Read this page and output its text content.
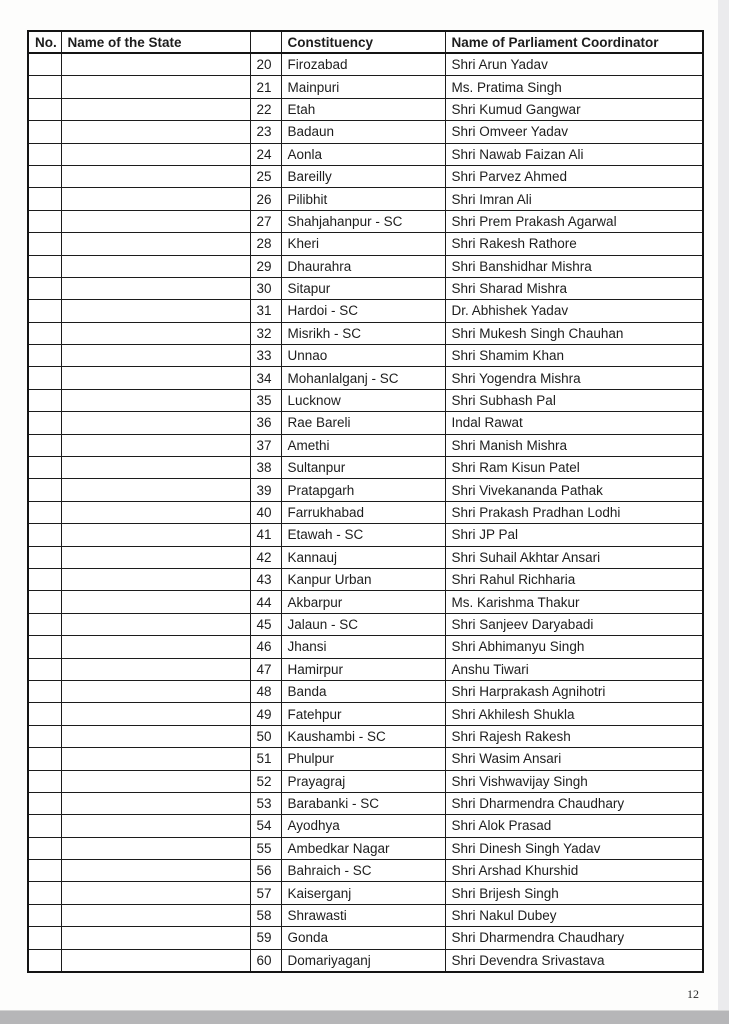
No.	Name of the State		Constituency	Name of Parliament Coordinator
		20	Firozabad	Shri Arun Yadav
		21	Mainpuri	Ms. Pratima Singh
		22	Etah	Shri Kumud Gangwar
		23	Badaun	Shri Omveer Yadav
		24	Aonla	Shri Nawab Faizan Ali
		25	Bareilly	Shri Parvez Ahmed
		26	Pilibhit	Shri Imran Ali
		27	Shahjahanpur - SC	Shri Prem Prakash Agarwal
		28	Kheri	Shri Rakesh Rathore
		29	Dhaurahra	Shri Banshidhar Mishra
		30	Sitapur	Shri Sharad Mishra
		31	Hardoi - SC	Dr. Abhishek Yadav
		32	Misrikh - SC	Shri Mukesh Singh Chauhan
		33	Unnao	Shri Shamim Khan
		34	Mohanlalganj - SC	Shri Yogendra Mishra
		35	Lucknow	Shri Subhash Pal
		36	Rae Bareli	Indal Rawat
		37	Amethi	Shri Manish Mishra
		38	Sultanpur	Shri Ram Kisun Patel
		39	Pratapgarh	Shri Vivekananda Pathak
		40	Farrukhabad	Shri Prakash Pradhan Lodhi
		41	Etawah - SC	Shri JP Pal
		42	Kannauj	Shri Suhail Akhtar Ansari
		43	Kanpur Urban	Shri Rahul Richharia
		44	Akbarpur	Ms. Karishma Thakur
		45	Jalaun - SC	Shri Sanjeev Daryabadi
		46	Jhansi	Shri Abhimanyu Singh
		47	Hamirpur	Anshu Tiwari
		48	Banda	Shri Harprakash Agnihotri
		49	Fatehpur	Shri Akhilesh Shukla
		50	Kaushambi - SC	Shri Rajesh Rakesh
		51	Phulpur	Shri Wasim Ansari
		52	Prayagraj	Shri Vishwavijay Singh
		53	Barabanki - SC	Shri Dharmendra Chaudhary
		54	Ayodhya	Shri Alok Prasad
		55	Ambedkar Nagar	Shri Dinesh Singh Yadav
		56	Bahraich - SC	Shri Arshad Khurshid
		57	Kaiserganj	Shri Brijesh Singh
		58	Shrawasti	Shri Nakul Dubey
		59	Gonda	Shri Dharmendra Chaudhary
		60	Domariyaganj	Shri Devendra Srivastava
12
